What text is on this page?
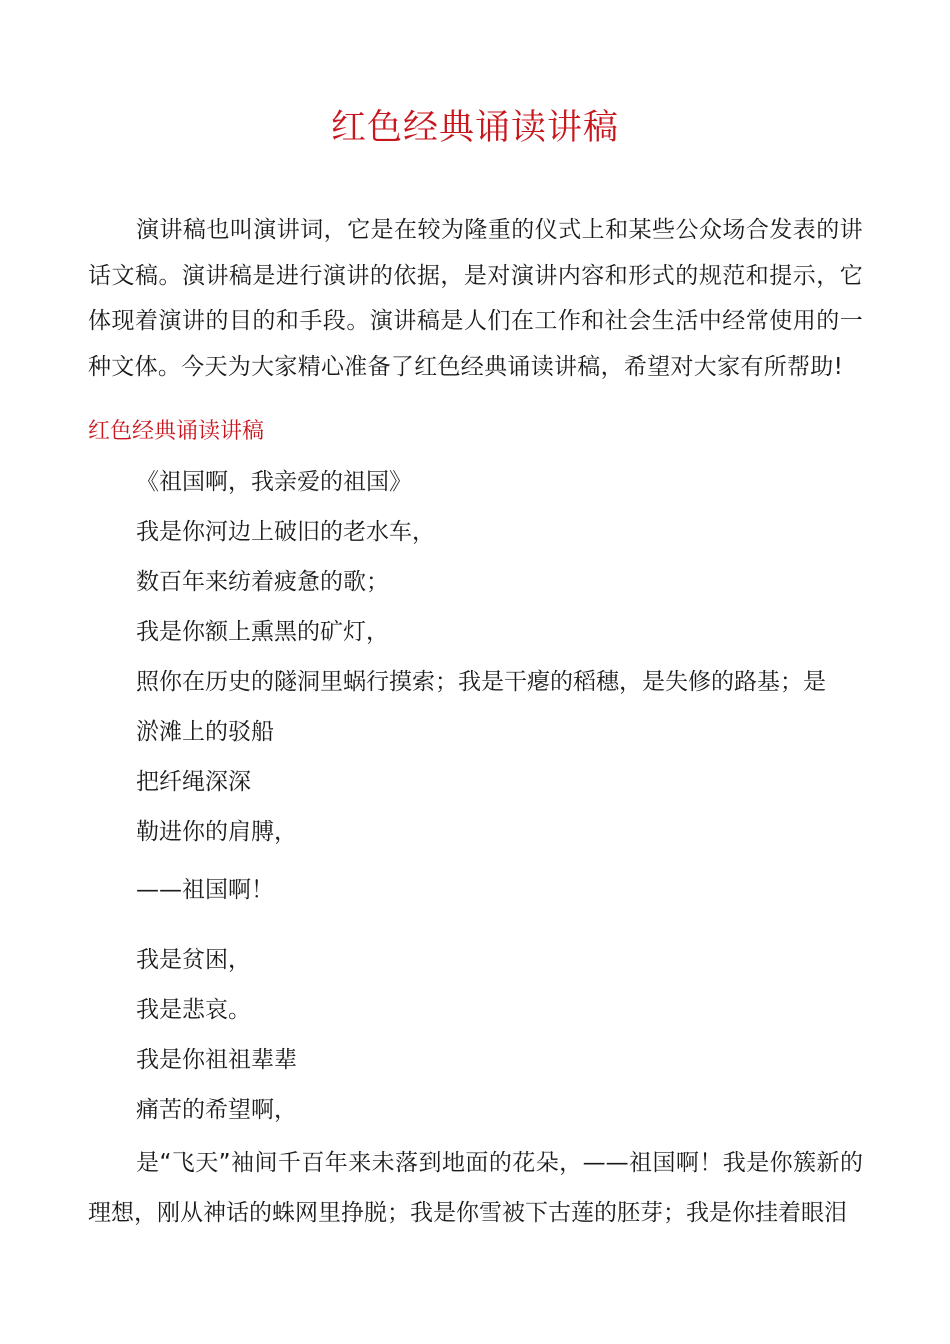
红色经典诵读讲稿

演讲稿也叫演讲词，它是在较为隆重的仪式上和某些公众场合发表的讲话文稿。演讲稿是进行演讲的依据，是对演讲内容和形式的规范和提示，它体现着演讲的目的和手段。演讲稿是人们在工作和社会生活中经常使用的一种文体。今天为大家精心准备了红色经典诵读讲稿，希望对大家有所帮助!

红色经典诵读讲稿

《祖国啊，我亲爱的祖国》

我是你河边上破旧的老水车，

数百年来纺着疲惫的歌；

我是你额上熏黑的矿灯，

照你在历史的隧洞里蜗行摸索；我是干瘪的稻穗，是失修的路基；是

淤滩上的驳船

把纤绳深深

勒进你的肩膊，

——祖国啊！

我是贫困，

我是悲哀。

我是你祖祖辈辈

痛苦的希望啊，

是“飞天”袖间千百年来未落到地面的花朵，——祖国啊！我是你簇新的理想，刚从神话的蛛网里挣脱；我是你雪被下古莲的胚芽；我是你挂着眼泪
